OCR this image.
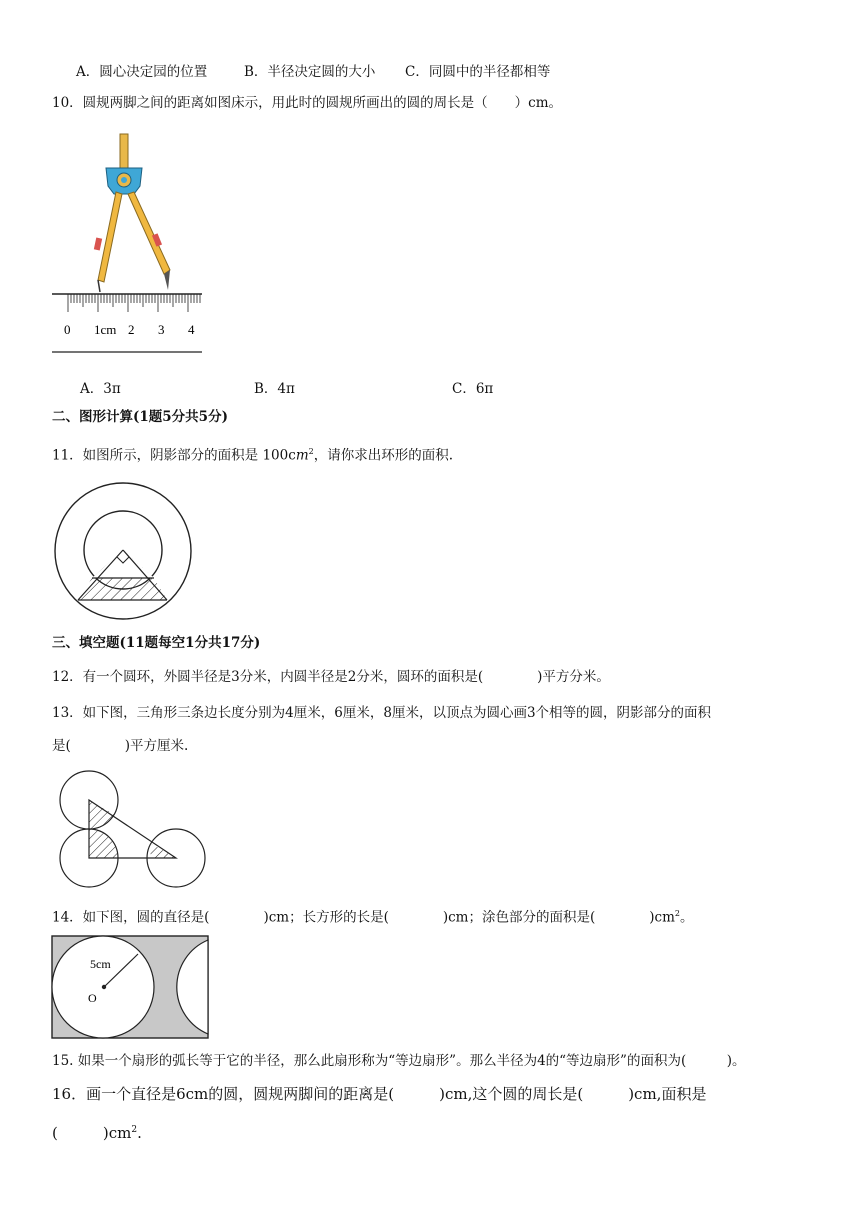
A．圆心决定园的位置	B．半径决定圆的大小 C．同圆中的半径都相等
10．圆规两脚之间的距离如图床示，用此时的圆规所画出的圆的周长是（　　）cm。
0 1cm 2 3 4
A．3π	B．4π	C．6π
二、图形计算(1题5分共5分)
11．如图所示，阴影部分的面积是 $100cm^2$，请你求出环形的面积.
三、填空题(11题每空1分共17分)
12．有一个圆环，外圆半径是3分米，内圆半径是2分米，圆环的面积是(　　　　)平方分米。
13．如下图，三角形三条边长度分别为4厘米，6厘米，8厘米，以顶点为圆心画3个相等的圆，阴影部分的面积
是(　　　　)平方厘米.
14．如下图，圆的直径是(　　　　)cm；长方形的长是(　　　　)cm；涂色部分的面积是(　　　　)$cm^2$。
5cm
O
15. 如果一个扇形的弧长等于它的半径，那么此扇形称为“等边扇形”。那么半径为4的“等边扇形”的面积为(　　　)。
16．画一个直径是6cm的圆，圆规两脚间的距离是(　　　)cm,这个圆的周长是(　　　)cm,面积是
(　　　)$cm^2$.
